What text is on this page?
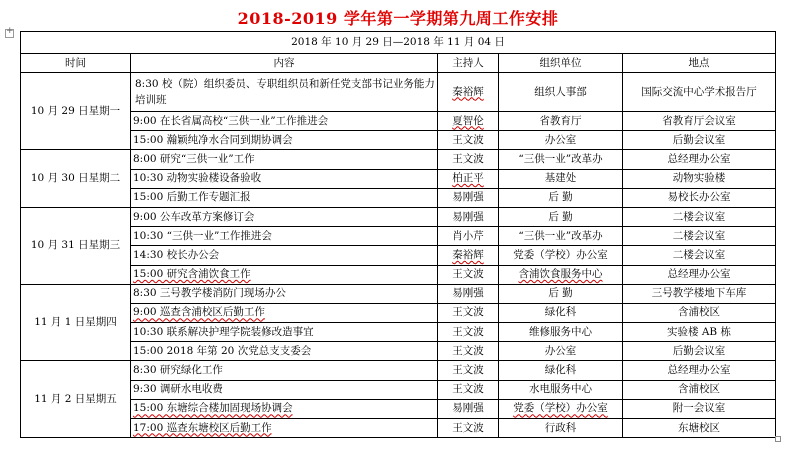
2018-2019 学年第一学期第九周工作安排
+
2018 年 10 月 29 日—2018 年 11 月 04 日				
时间	内容	主持人	组织单位	地点
10 月 29 日星期一	8:30 校（院）组织委员、专职组织员和新任党支部书记业务能力培训班	秦裕辉	组织人事部	国际交流中心学术报告厅
	9:00 在长省属高校“三供一业”工作推进会	夏智伦	省教育厅	省教育厅会议室
	15:00 瀚颖纯净水合同到期协调会	王文波	办公室	后勤会议室
10 月 30 日星期二	8:00 研究“三供一业”工作	王文波	“三供一业”改革办	总经理办公室
	10:30 动物实验楼设备验收	柏正平	基建处	动物实验楼
	15:00 后勤工作专题汇报	易刚强	后 勤	易校长办公室
10 月 31 日星期三	9:00 公车改革方案修订会	易刚强	后 勤	二楼会议室
	10:30 “三供一业”工作推进会	肖小芹	“三供一业”改革办	二楼会议室
	14:30 校长办公会	秦裕辉	党委（学校）办公室	二楼会议室
	15:00 研究含浦饮食工作	王文波	含浦饮食服务中心	总经理办公室
11 月 1 日星期四	8:30 三号教学楼消防门现场办公	易刚强	后 勤	三号教学楼地下车库
	9:00 巡查含浦校区后勤工作	王文波	绿化科	含浦校区
	10:30 联系解决护理学院装修改造事宜	王文波	维修服务中心	实验楼 AB 栋
	15:00 2018 年第 20 次党总支支委会	王文波	办公室	后勤会议室
11 月 2 日星期五	8:30 研究绿化工作	王文波	绿化科	总经理办公室
	9:30 调研水电收费	王文波	水电服务中心	含浦校区
	15:00 东塘综合楼加固现场协调会	易刚强	党委（学校）办公室	附一会议室
	17:00 巡查东塘校区后勤工作	王文波	行政科	东塘校区
